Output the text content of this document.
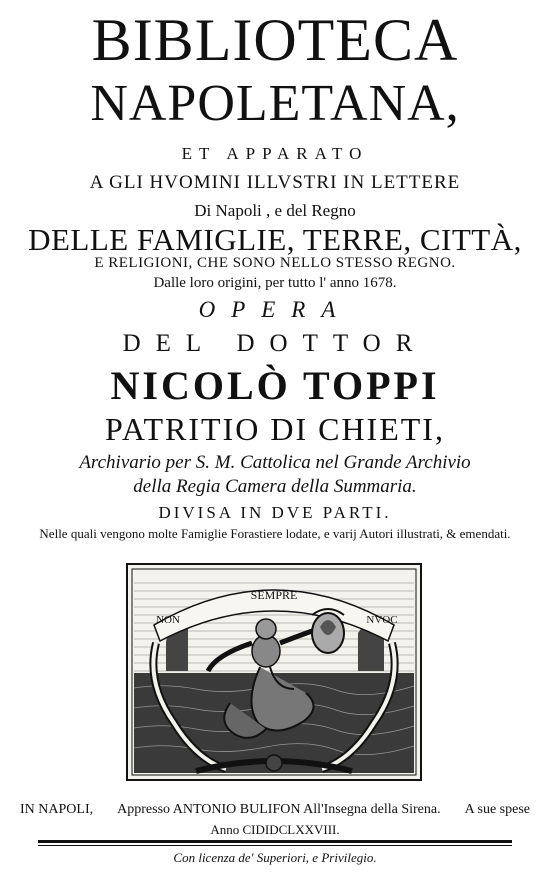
BIBLIOTECA
NAPOLETANA,
ET APPARATO
A GLI HVOMINI ILLVSTRI IN LETTERE
Di Napoli , e del Regno
DELLE FAMIGLIE, TERRE, CITTÀ,
E RELIGIONI, CHE SONO NELLO STESSO REGNO.
Dalle loro origini, per tutto l' anno 1678.
OPERA
DEL DOTTOR
NICOLÒ TOPPI
PATRITIO DI CHIETI,
Archivario per S. M. Cattolica nel Grande Archivio
della Regia Camera della Summaria.
DIVISA IN DVE PARTI.
Nelle quali vengono molte Famiglie Forastiere lodate, e varij Autori illustrati, & emendati.
SEMPRE
NON	NVOC
IN NAPOLI, Appresso ANTONIO BULIFON All'Insegna della Sirena. A sue spese
Anno CIDIDCLXXVIII.
Con licenza de' Superiori, e Privilegio.
